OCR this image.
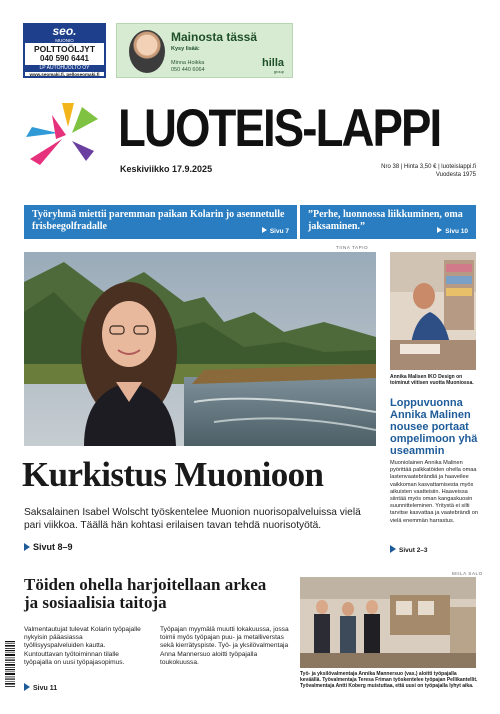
seo.
MUONIO
POLTTOÖLJYT
040 590 6441
LP AUTOHUOLTO OY
www.seomaki.fi, pelloseomaki.fi
Mainosta tässä
Kysy lisää:
Minna Hoikka
050 440 6064
hilla
group
LUOTEIS-LAPPI
Keskiviikko 17.9.2025	Nro 38 | Hinta 3,50 € | luoteislappi.fi
Vuodesta 1975
Työryhmä miettii paremman paikan Kolarin jo asennetulle frisbeegolfradalle	Sivu 7
”Perhe, luonnossa liikkuminen, oma jaksaminen.”	Sivu 10
TIINA TAPIO
Annika Malisen IKO Design on toiminut viitisen vuotta Muoniossa.
Loppuvuonna Annika Malinen nousee portaat ompelimoon yhä useammin
Muoniolainen Annika Malinen pyörittää palkkatöiden ohella omaa lastenvaatebrändiä ja haaveilee vaikkoman kasvattamisesta myös aikuisten vaatteisiin. Haaveissa siintää myös oman kangaskuosin suunnitteleminen. Yritystä ei silti tarvitse kasvattaa ja vaatebrändi on vielä enemmän harrastus.
Sivut 2–3
Kurkistus Muonioon
Saksalainen Isabel Wolscht työskentelee Muonion nuorisopalveluissa vielä pari viikkoa. Täällä hän kohtasi erilaisen tavan tehdä nuorisotyötä.
Sivut 8–9
Töiden ohella harjoitellaan arkea ja sosiaalisia taitoja
Valmentautujat tulevat Kolarin työpajalle nykyisin pääasiassa työllisyyspalveluiden kautta. Kuntouttavan työtoiminnan tilalle työpajalla on uusi työpajasopimus.
Työpajan myymälä muutti lokakuussa, jossa toimii myös työpajan puu- ja metalliverstas sekä kierrätyspiste. Työ- ja yksilövalmentaja Anna Mannersuo aloitti työpajalla toukokuussa.
Sivu 11
MIILA SALO
Työ- ja yksilövalmentaja Annika Mannersuo (vas.) aloitti työpajalla keväällä. Työvalmentaja Teresa Friman työskentelee työpajan Pellikantellit. Työvalmentaja Antti Koberg muistuttaa, että uusi on työpajalla lyhyt aika.
